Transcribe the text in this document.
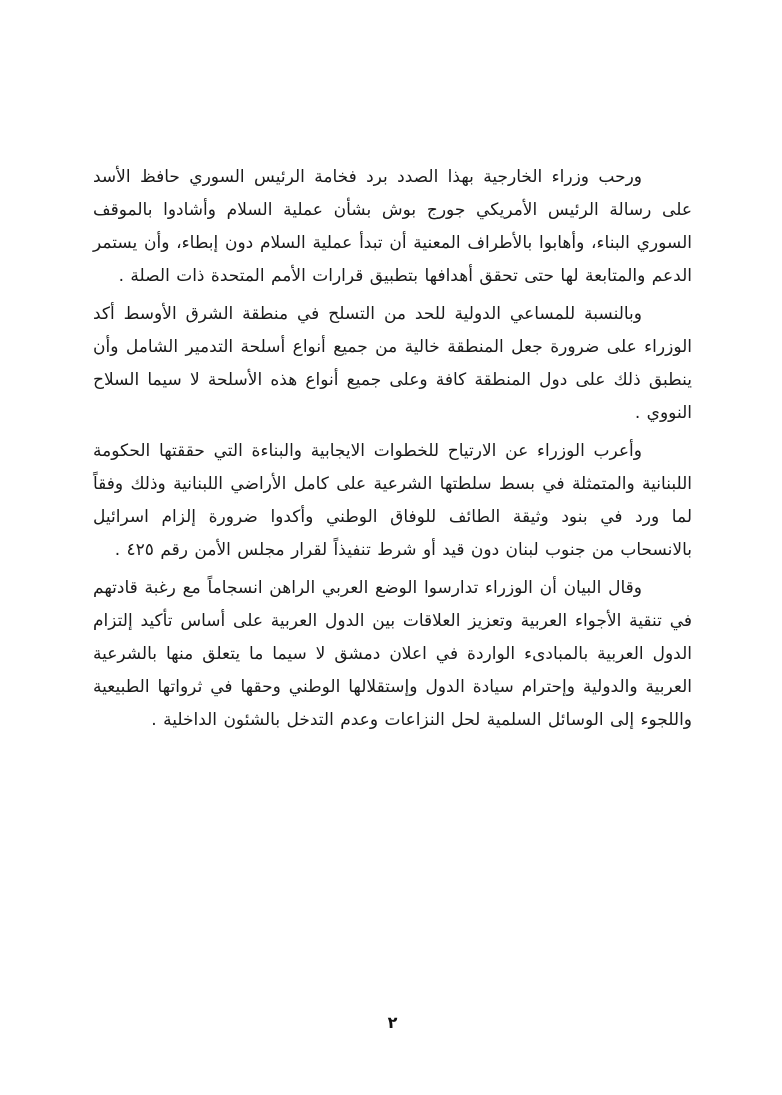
ورحب وزراء الخارجية بهذا الصدد برد فخامة الرئيس السوري حافظ الأسد على رسالة الرئيس الأمريكي جورج بوش بشأن عملية السلام وأشادوا بالموقف السوري البناء، وأهابوا بالأطراف المعنية أن تبدأ عملية السلام دون إبطاء، وأن يستمر الدعم والمتابعة لها حتى تحقق أهدافها بتطبيق قرارات الأمم المتحدة ذات الصلة .

وبالنسبة للمساعي الدولية للحد من التسلح في منطقة الشرق الأوسط أكد الوزراء على ضرورة جعل المنطقة خالية من جميع أنواع أسلحة التدمير الشامل وأن ينطبق ذلك على دول المنطقة كافة وعلى جميع أنواع هذه الأسلحة لا سيما السلاح النووي .

وأعرب الوزراء عن الارتياح للخطوات الايجابية والبناءة التي حققتها الحكومة اللبنانية والمتمثلة في بسط سلطتها الشرعية على كامل الأراضي اللبنانية وذلك وفقاً لما ورد في بنود وثيقة الطائف للوفاق الوطني وأكدوا ضرورة إلزام اسرائيل بالانسحاب من جنوب لبنان دون قيد أو شرط تنفيذاً لقرار مجلس الأمن رقم ٤٢٥ .

وقال البيان أن الوزراء تدارسوا الوضع العربي الراهن انسجاماً مع رغبة قادتهم في تنقية الأجواء العربية وتعزيز العلاقات بين الدول العربية على أساس تأكيد إلتزام الدول العربية بالمبادىء الواردة في اعلان دمشق لا سيما ما يتعلق منها بالشرعية العربية والدولية وإحترام سيادة الدول وإستقلالها الوطني وحقها في ثرواتها الطبيعية واللجوء إلى الوسائل السلمية لحل النزاعات وعدم التدخل بالشئون الداخلية .

٢
